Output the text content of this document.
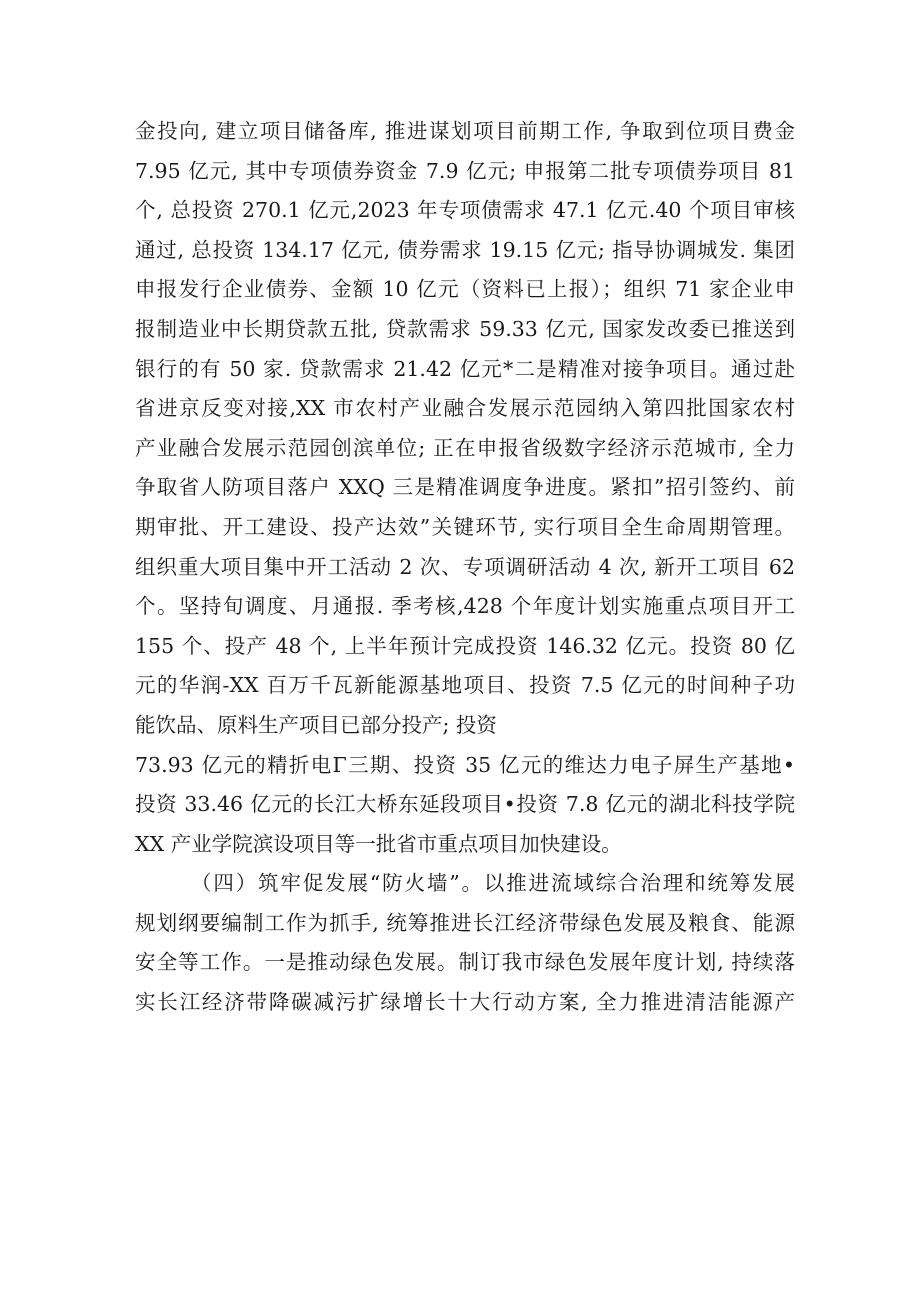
金投向, 建立项目储备库, 推进谋划项目前期工作, 争取到位项目费金
7.95 亿元, 其中专项债券资金 7.9 亿元; 申报第二批专项债券项目 81
个, 总投资 270.1 亿元,2023 年专项债需求 47.1 亿元.40 个项目审核
通过, 总投资 134.17 亿元, 债券需求 19.15 亿元; 指导协调城发. 集团
申报发行企业债券、金额 10 亿元（资料已上报）；组织 71 家企业申
报制造业中长期贷款五批, 贷款需求 59.33 亿元, 国家发改委已推送到
银行的有 50 家. 贷款需求 21.42 亿元*二是精准对接争项目。通过赴
省进京反变对接,XX 市农村产业融合发展示范园纳入第四批国家农村
产业融合发展示范园创滨单位; 正在申报省级数字经济示范城市, 全力
争取省人防项目落户 XXQ 三是精准调度争进度。紧扣”招引签约、前
期审批、开工建设、投产达效”关键环节, 实行项目全生命周期管理。
组织重大项目集中开工活动 2 次、专项调研活动 4 次, 新开工项目 62
个。坚持旬调度、月通报. 季考核,428 个年度计划实施重点项目开工
155 个、投产 48 个, 上半年预计完成投资 146.32 亿元。投资 80 亿
元的华润-XX 百万千瓦新能源基地项目、投资 7.5 亿元的时间种子功
能饮品、原料生产项目已部分投产; 投资
73.93 亿元的精折电Γ三期、投资 35 亿元的维达力电子屏生产基地•
投资 33.46 亿元的长江大桥东延段项目•投资 7.8 亿元的湖北科技学院
XX 产业学院滨设项目等一批省市重点项目加快建设。
（四）筑牢促发展“防火墙”。以推进流域综合治理和统筹发展
规划纲要编制工作为抓手, 统筹推进长江经济带绿色发展及粮食、能源
安全等工作。一是推动绿色发展。制订我市绿色发展年度计划, 持续落
实长江经济带降碳减污扩绿增长十大行动方案, 全力推进清洁能源产
